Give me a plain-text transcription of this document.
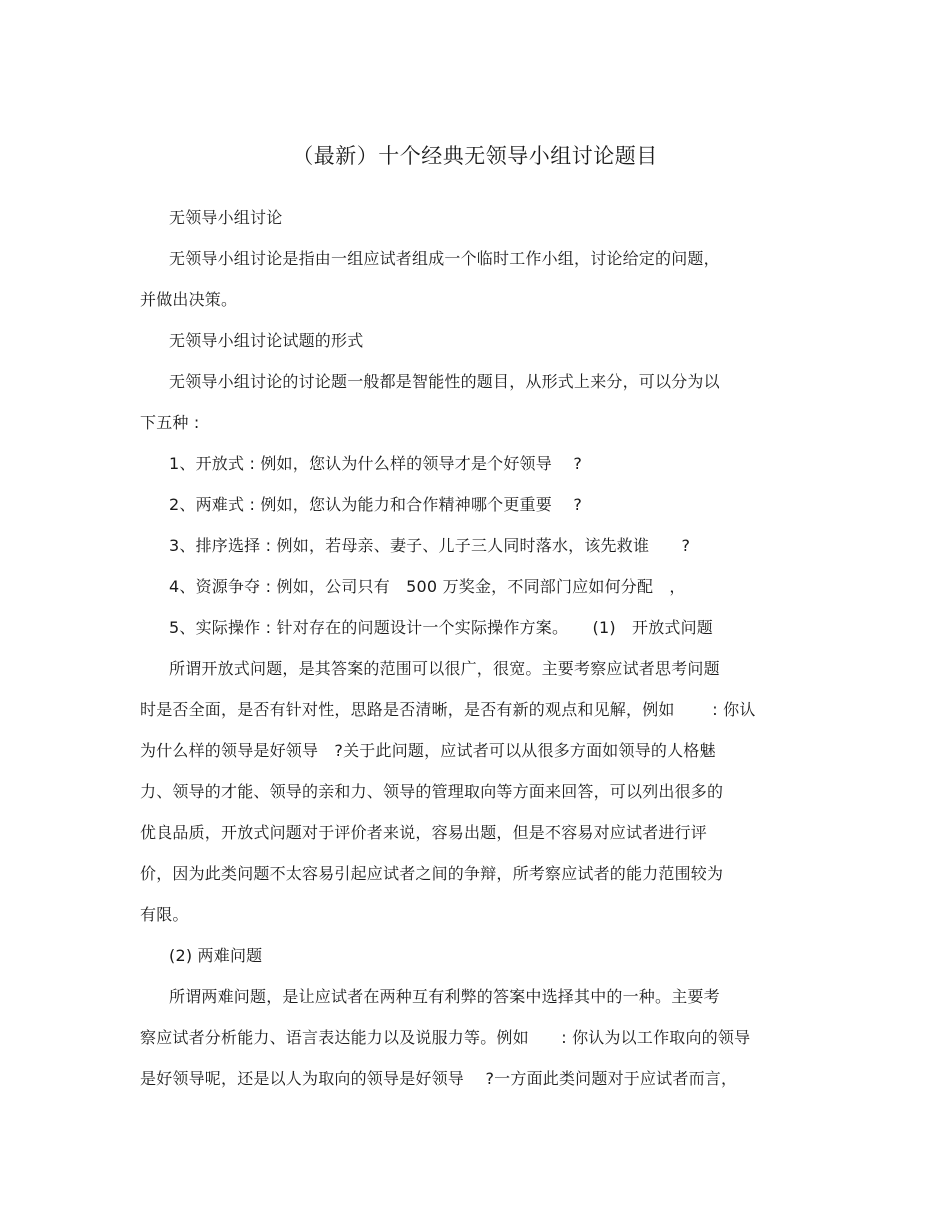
（最新）十个经典无领导小组讨论题目
无领导小组讨论
无领导小组讨论是指由一组应试者组成一个临时工作小组，讨论给定的问题，
并做出决策。
无领导小组讨论试题的形式
无领导小组讨论的讨论题一般都是智能性的题目，从形式上来分，可以分为以
下五种 :
1、开放式 : 例如，您认为什么样的领导才是个好领导　 ?
2、两难式 : 例如，您认为能力和合作精神哪个更重要　 ?
3、排序选择 : 例如，若母亲、妻子、儿子三人同时落水，该先救谁　　?
4、资源争夺 : 例如，公司只有　500 万奖金，不同部门应如何分配　，
5、实际操作 : 针对存在的问题设计一个实际操作方案。　　(1)　开放式问题
所谓开放式问题，是其答案的范围可以很广，很宽。主要考察应试者思考问题
时是否全面，是否有针对性，思路是否清晰，是否有新的观点和见解，例如　　 : 你认
为什么样的领导是好领导　?关于此问题，应试者可以从很多方面如领导的人格魅
力、领导的才能、领导的亲和力、领导的管理取向等方面来回答，可以列出很多的
优良品质，开放式问题对于评价者来说，容易出题，但是不容易对应试者进行评
价，因为此类问题不太容易引起应试者之间的争辩，所考察应试者的能力范围较为
有限。
(2) 两难问题
所谓两难问题，是让应试者在两种互有利弊的答案中选择其中的一种。主要考
察应试者分析能力、语言表达能力以及说服力等。例如　　: 你认为以工作取向的领导
是好领导呢，还是以人为取向的领导是好领导　 ?一方面此类问题对于应试者而言，
